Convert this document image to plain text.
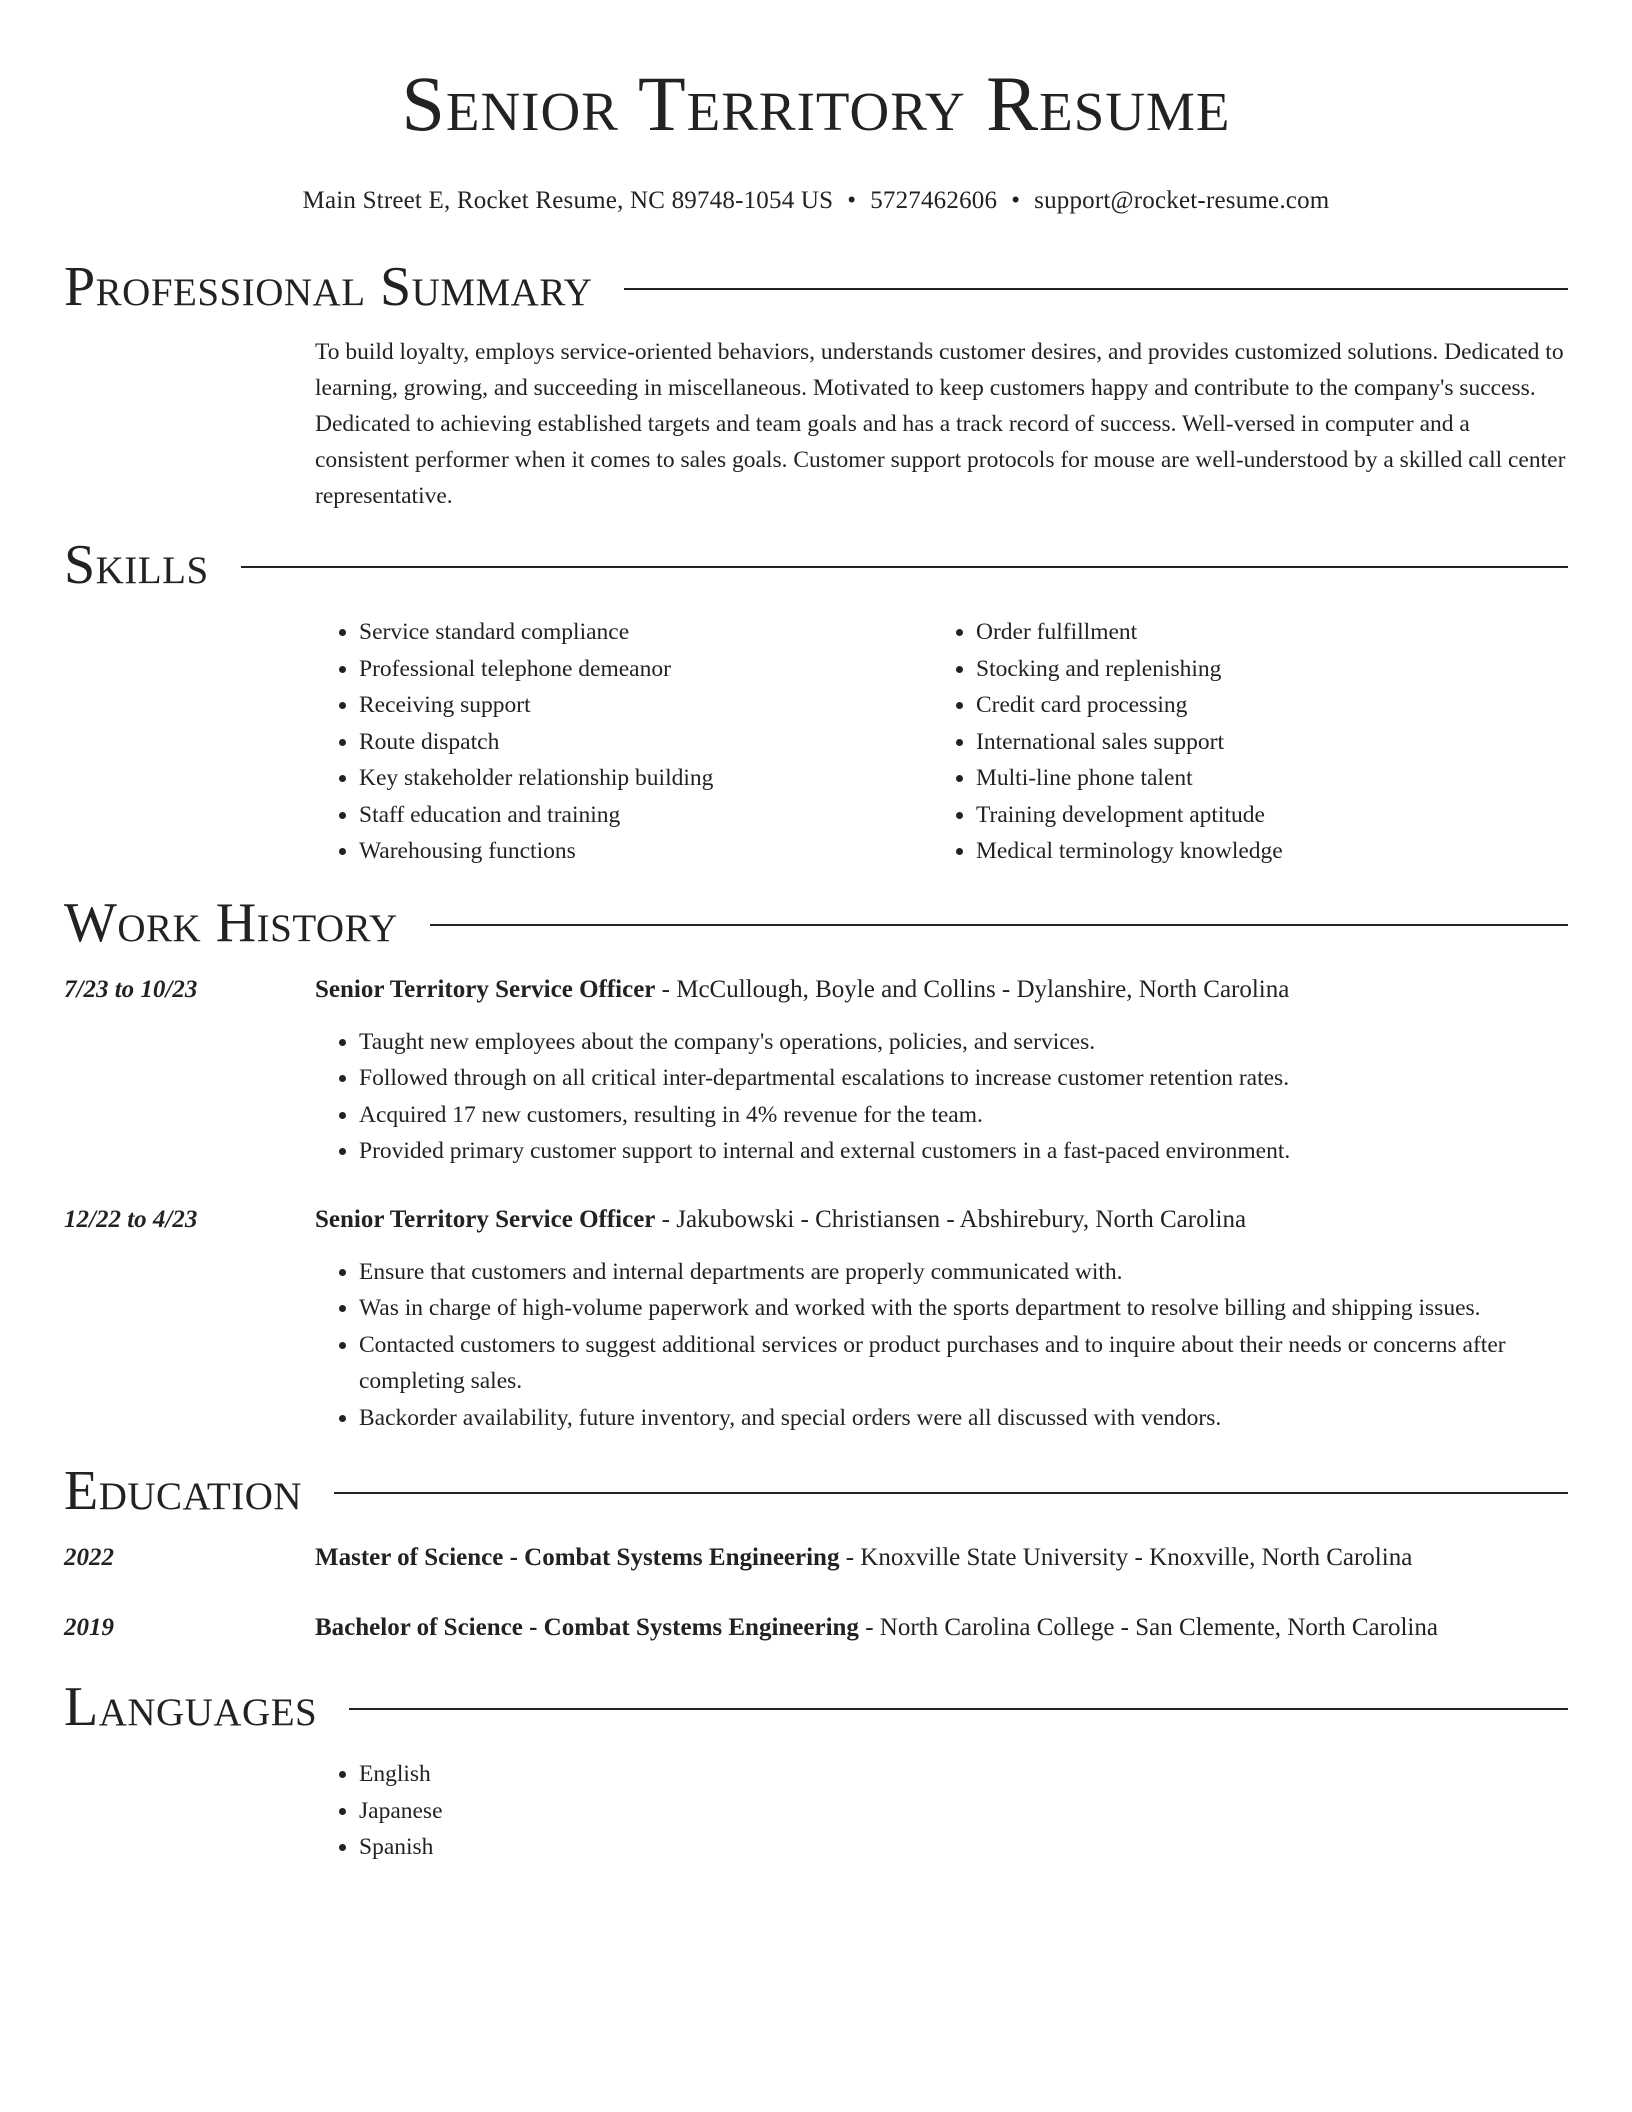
Senior Territory Resume
Main Street E, Rocket Resume, NC 89748-1054 US • 5727462606 • support@rocket-resume.com
Professional Summary
To build loyalty, employs service-oriented behaviors, understands customer desires, and provides customized solutions. Dedicated to learning, growing, and succeeding in miscellaneous. Motivated to keep customers happy and contribute to the company's success. Dedicated to achieving established targets and team goals and has a track record of success. Well-versed in computer and a consistent performer when it comes to sales goals. Customer support protocols for mouse are well-understood by a skilled call center representative.
Skills
• Service standard compliance
• Professional telephone demeanor
• Receiving support
• Route dispatch
• Key stakeholder relationship building
• Staff education and training
• Warehousing functions
• Order fulfillment
• Stocking and replenishing
• Credit card processing
• International sales support
• Multi-line phone talent
• Training development aptitude
• Medical terminology knowledge
Work History
7/23 to 10/23	Senior Territory Service Officer - McCullough, Boyle and Collins - Dylanshire, North Carolina
• Taught new employees about the company's operations, policies, and services.
• Followed through on all critical inter-departmental escalations to increase customer retention rates.
• Acquired 17 new customers, resulting in 4% revenue for the team.
• Provided primary customer support to internal and external customers in a fast-paced environment.
12/22 to 4/23	Senior Territory Service Officer - Jakubowski - Christiansen - Abshirebury, North Carolina
• Ensure that customers and internal departments are properly communicated with.
• Was in charge of high-volume paperwork and worked with the sports department to resolve billing and shipping issues.
• Contacted customers to suggest additional services or product purchases and to inquire about their needs or concerns after completing sales.
• Backorder availability, future inventory, and special orders were all discussed with vendors.
Education
2022	Master of Science - Combat Systems Engineering - Knoxville State University - Knoxville, North Carolina
2019	Bachelor of Science - Combat Systems Engineering - North Carolina College - San Clemente, North Carolina
Languages
• English
• Japanese
• Spanish
